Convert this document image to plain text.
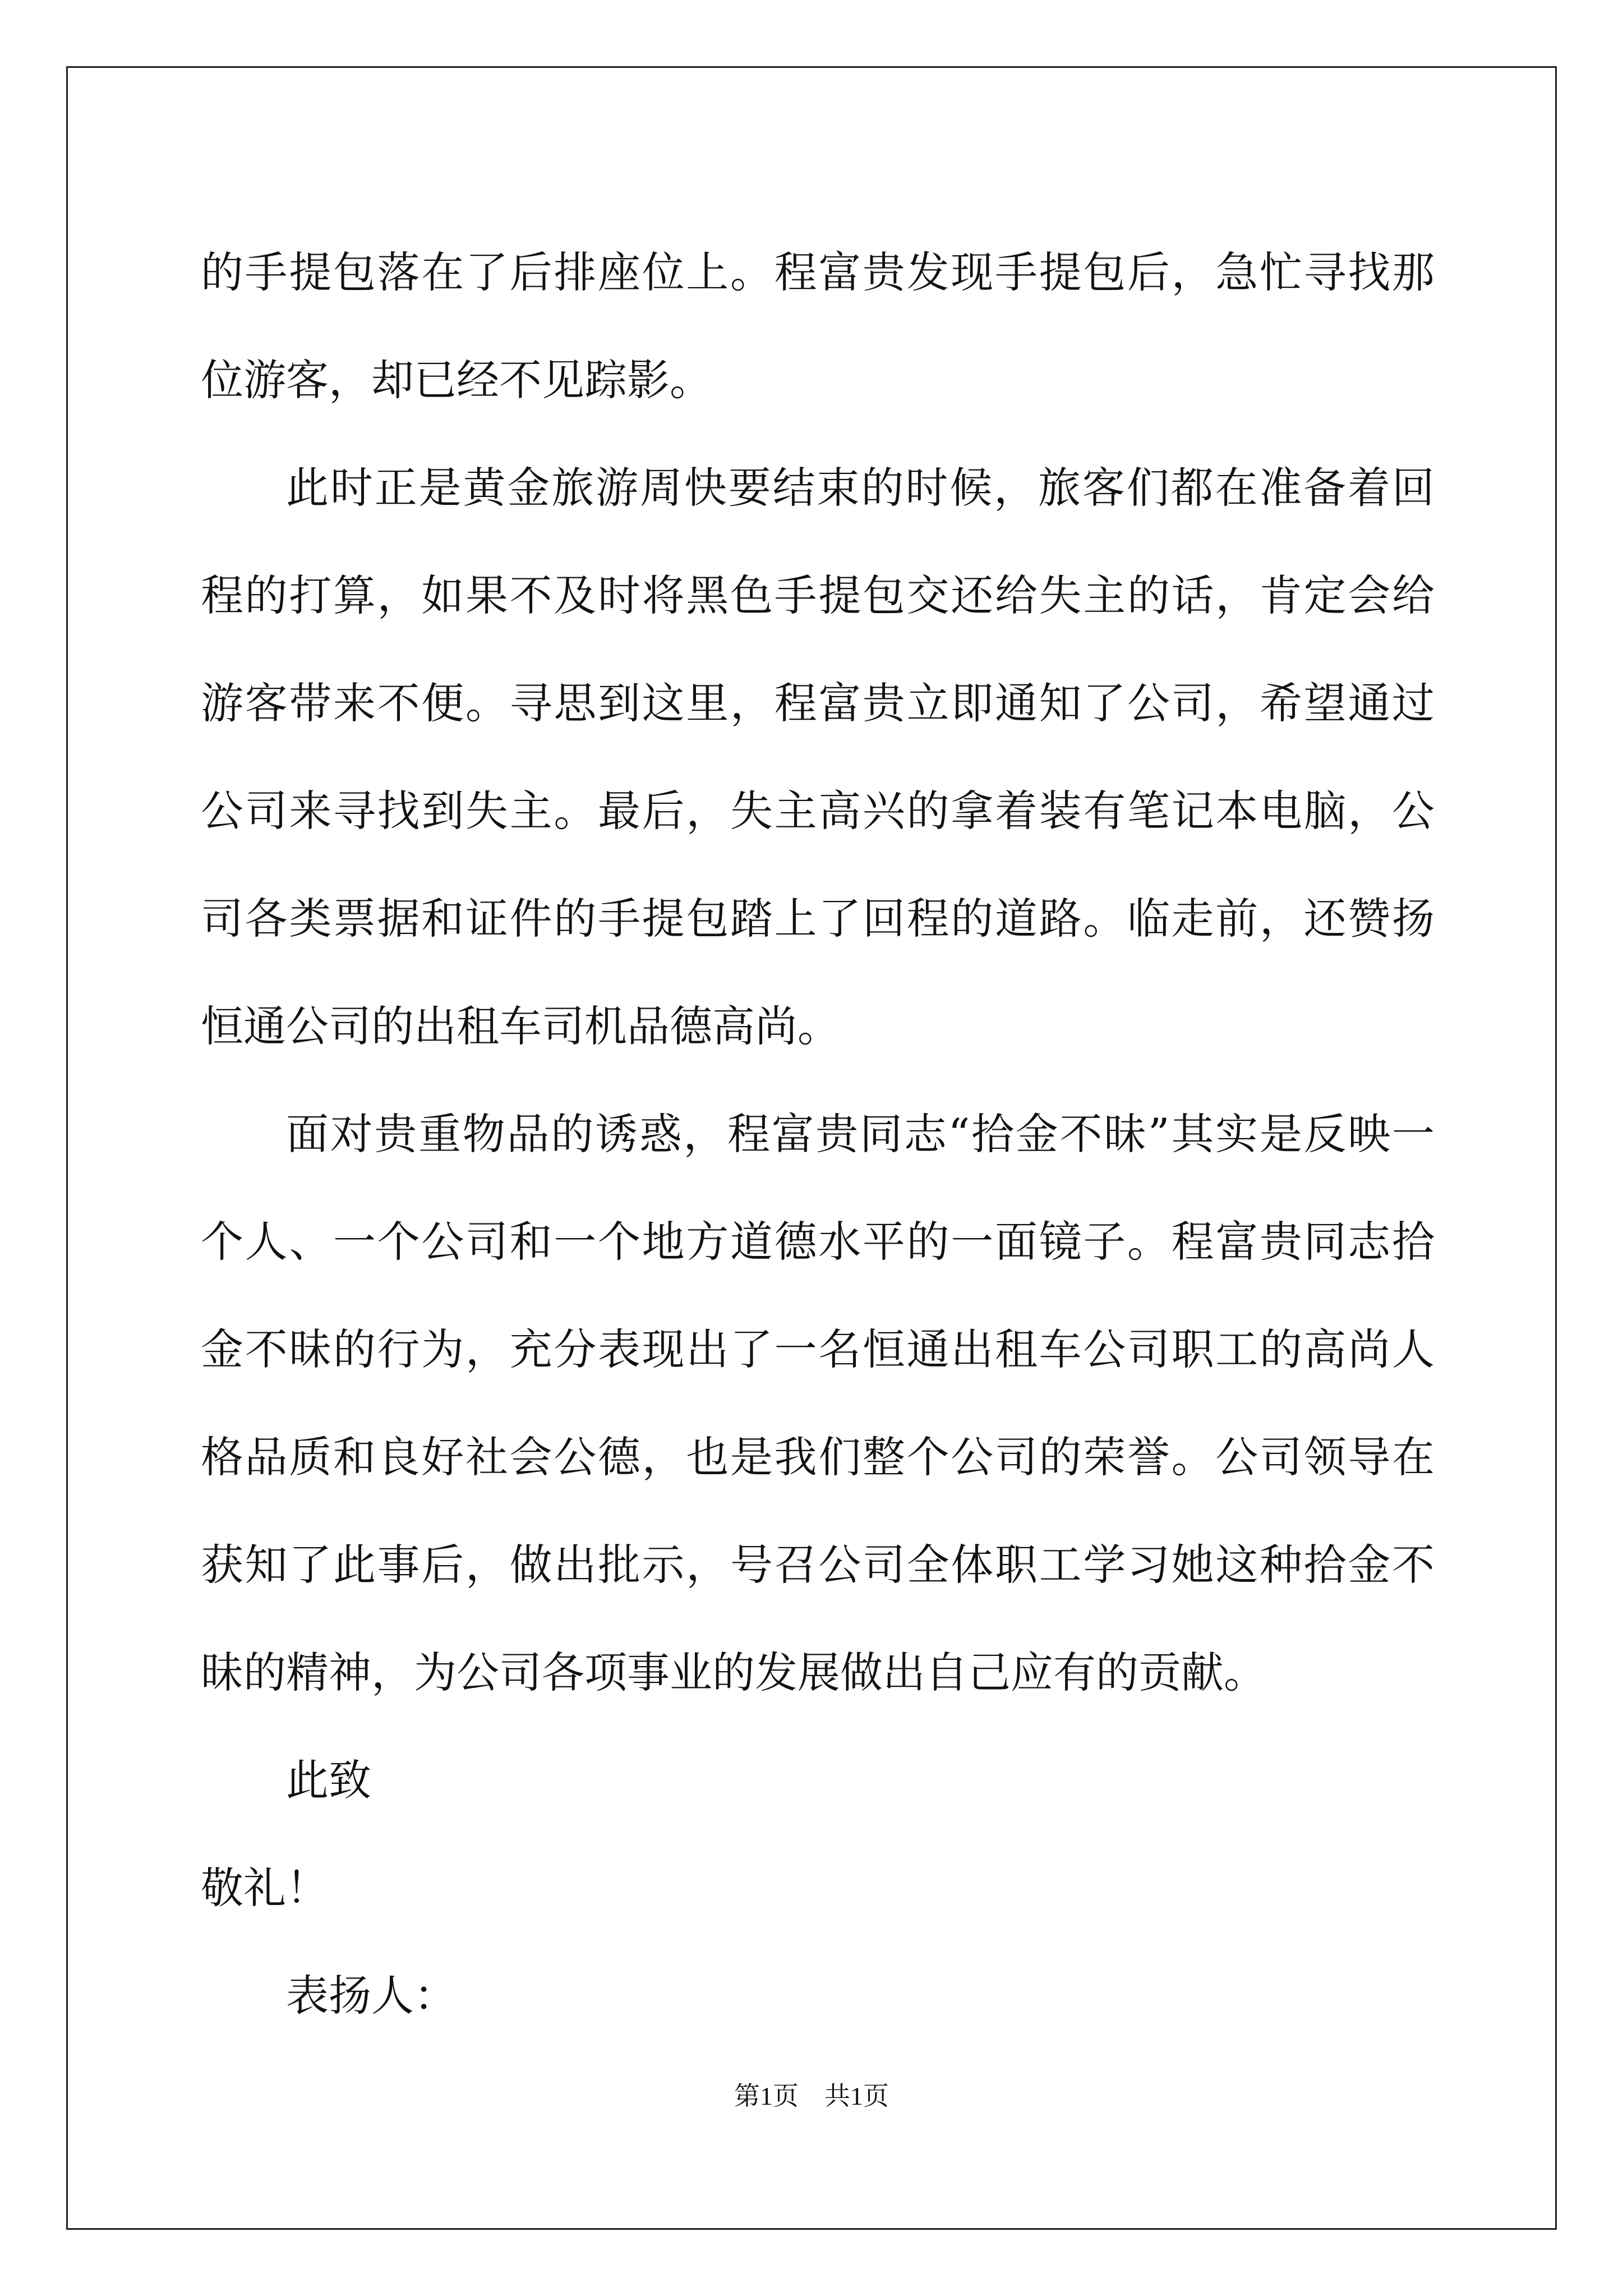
的手提包落在了后排座位上。程富贵发现手提包后，急忙寻找那位游客，却已经不见踪影。

此时正是黄金旅游周快要结束的时候，旅客们都在准备着回程的打算，如果不及时将黑色手提包交还给失主的话，肯定会给游客带来不便。寻思到这里，程富贵立即通知了公司，希望通过公司来寻找到失主。最后，失主高兴的拿着装有笔记本电脑，公司各类票据和证件的手提包踏上了回程的道路。临走前，还赞扬恒通公司的出租车司机品德高尚。

面对贵重物品的诱惑，程富贵同志“拾金不昧”其实是反映一个人、一个公司和一个地方道德水平的一面镜子。程富贵同志拾金不昧的行为，充分表现出了一名恒通出租车公司职工的高尚人格品质和良好社会公德，也是我们整个公司的荣誉。公司领导在获知了此事后，做出批示，号召公司全体职工学习她这种拾金不昧的精神，为公司各项事业的发展做出自己应有的贡献。

此致

敬礼！

表扬人：

第1页　共1页
